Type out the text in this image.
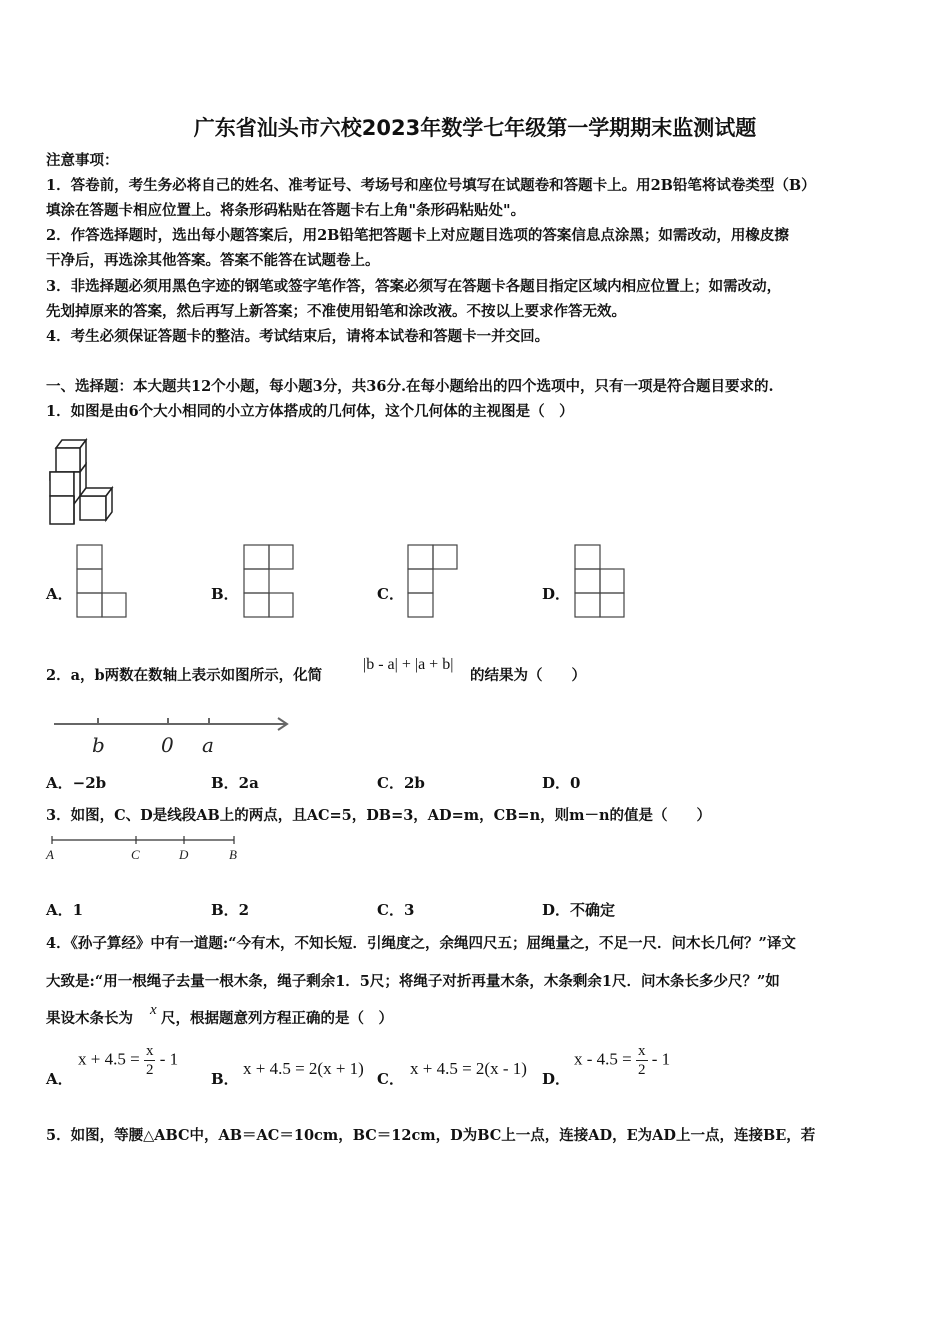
广东省汕头市六校2023年数学七年级第一学期期末监测试题
注意事项：
1．答卷前，考生务必将自己的姓名、准考证号、考场号和座位号填写在试题卷和答题卡上。用2B铅笔将试卷类型（B）
填涂在答题卡相应位置上。将条形码粘贴在答题卡右上角"条形码粘贴处"。
2．作答选择题时，选出每小题答案后，用2B铅笔把答题卡上对应题目选项的答案信息点涂黑；如需改动，用橡皮擦
干净后，再选涂其他答案。答案不能答在试题卷上。
3．非选择题必须用黑色字迹的钢笔或签字笔作答，答案必须写在答题卡各题目指定区域内相应位置上；如需改动，
先划掉原来的答案，然后再写上新答案；不准使用铅笔和涂改液。不按以上要求作答无效。
4．考生必须保证答题卡的整洁。考试结束后，请将本试卷和答题卡一并交回。
一、选择题：本大题共12个小题，每小题3分，共36分.在每小题给出的四个选项中，只有一项是符合题目要求的.
1．如图是由6个大小相同的小立方体搭成的几何体，这个几何体的主视图是（　）
A．	B．	C．	D．
2．a，b两数在数轴上表示如图所示，化简
|b - a| + |a + b|
的结果为（　　）
b	0 a
A．−2b	B．2a	C．2b	D．0
3．如图，C、D是线段AB上的两点，且AC=5，DB=3，AD=m，CB=n，则m－n的值是（　　）
A	C	D	B
A．1	B．2	C．3	D．不确定
4．《孙子算经》中有一道题:“今有木，不知长短．引绳度之，余绳四尺五；屈绳量之，不足一尺．问木长几何？”译文
大致是:“用一根绳子去量一根木条，绳子剩余1．5尺；将绳子对折再量木条，木条剩余1尺．问木条长多少尺？”如
果设木条长为 x 尺，根据题意列方程正确的是（　）
A．
$x + 4.5 = \frac{x}{2} - 1$
B．
x + 4.5 = 2(x + 1)
C．
x + 4.5 = 2(x - 1)
D．
$x - 4.5 = \frac{x}{2} - 1$
5．如图，等腰△ABC中，AB＝AC＝10cm，BC＝12cm，D为BC上一点，连接AD，E为AD上一点，连接BE，若
